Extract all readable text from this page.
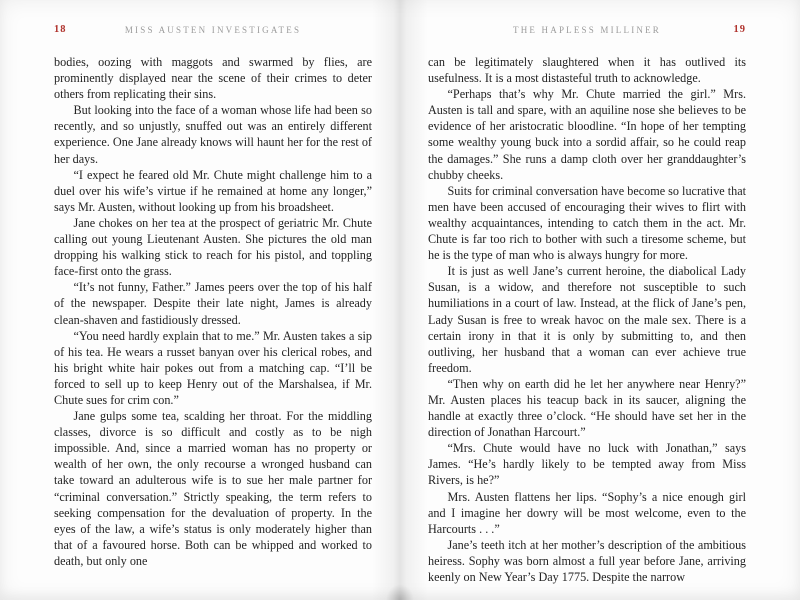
18	MISS AUSTEN INVESTIGATES

bodies, oozing with maggots and swarmed by flies, are prominently displayed near the scene of their crimes to deter others from replicating their sins.

But looking into the face of a woman whose life had been so recently, and so unjustly, snuffed out was an entirely different experience. One Jane already knows will haunt her for the rest of her days.

“I expect he feared old Mr. Chute might challenge him to a duel over his wife’s virtue if he remained at home any longer,” says Mr. Austen, without looking up from his broadsheet.

Jane chokes on her tea at the prospect of geriatric Mr. Chute calling out young Lieutenant Austen. She pictures the old man dropping his walking stick to reach for his pistol, and toppling face-first onto the grass.

“It’s not funny, Father.” James peers over the top of his half of the newspaper. Despite their late night, James is already clean-shaven and fastidiously dressed.

“You need hardly explain that to me.” Mr. Austen takes a sip of his tea. He wears a russet banyan over his clerical robes, and his bright white hair pokes out from a matching cap. “I’ll be forced to sell up to keep Henry out of the Marshalsea, if Mr. Chute sues for crim con.”

Jane gulps some tea, scalding her throat. For the middling classes, divorce is so difficult and costly as to be nigh impossible. And, since a married woman has no property or wealth of her own, the only recourse a wronged husband can take toward an adulterous wife is to sue her male partner for “criminal conversation.” Strictly speaking, the term refers to seeking compensation for the devaluation of property. In the eyes of the law, a wife’s status is only moderately higher than that of a favoured horse. Both can be whipped and worked to death, but only one

THE HAPLESS MILLINER	19

can be legitimately slaughtered when it has outlived its usefulness. It is a most distasteful truth to acknowledge.

“Perhaps that’s why Mr. Chute married the girl.” Mrs. Austen is tall and spare, with an aquiline nose she believes to be evidence of her aristocratic bloodline. “In hope of her tempting some wealthy young buck into a sordid affair, so he could reap the damages.” She runs a damp cloth over her granddaughter’s chubby cheeks.

Suits for criminal conversation have become so lucrative that men have been accused of encouraging their wives to flirt with wealthy acquaintances, intending to catch them in the act. Mr. Chute is far too rich to bother with such a tiresome scheme, but he is the type of man who is always hungry for more.

It is just as well Jane’s current heroine, the diabolical Lady Susan, is a widow, and therefore not susceptible to such humiliations in a court of law. Instead, at the flick of Jane’s pen, Lady Susan is free to wreak havoc on the male sex. There is a certain irony in that it is only by submitting to, and then outliving, her husband that a woman can ever achieve true freedom.

“Then why on earth did he let her anywhere near Henry?” Mr. Austen places his teacup back in its saucer, aligning the handle at exactly three o’clock. “He should have set her in the direction of Jonathan Harcourt.”

“Mrs. Chute would have no luck with Jonathan,” says James. “He’s hardly likely to be tempted away from Miss Rivers, is he?”

Mrs. Austen flattens her lips. “Sophy’s a nice enough girl and I imagine her dowry will be most welcome, even to the Harcourts . . .”

Jane’s teeth itch at her mother’s description of the ambitious heiress. Sophy was born almost a full year before Jane, arriving keenly on New Year’s Day 1775. Despite the narrow
